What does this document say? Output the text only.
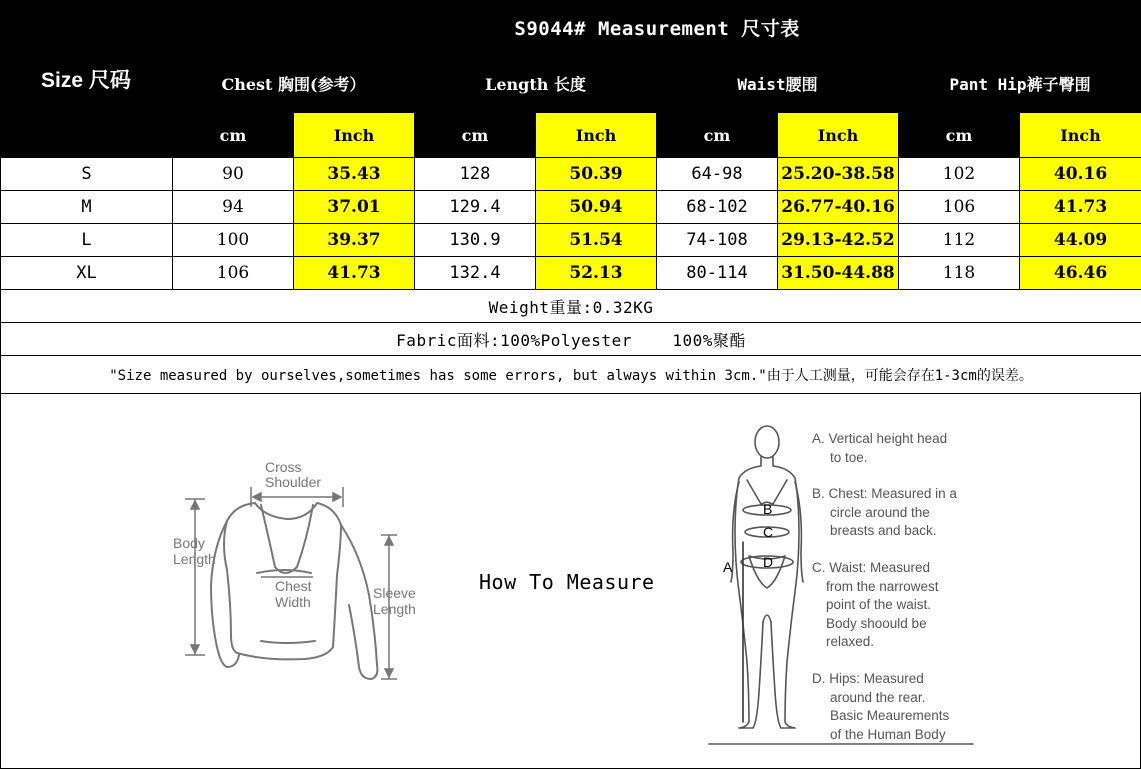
Size 尺码	S9044# Measurement 尺寸表							
	Chest 胸围(参考）		Length 长度		Waist腰围		Pant Hip裤子臀围	
	cm	Inch	cm	Inch	cm	Inch	cm	Inch
S	90	35.43	128	50.39	64-98	25.20-38.58	102	40.16
M	94	37.01	129.4	50.94	68-102	26.77-40.16	106	41.73
L	100	39.37	130.9	51.54	74-108	29.13-42.52	112	44.09
XL	106	41.73	132.4	52.13	80-114	31.50-44.88	118	46.46
Weight重量:0.32KG								
Fabric面料:100%Polyester    100%聚酯								
"Size measured by ourselves,sometimes has some errors, but always within 3cm."由于人工测量，可能会存在1-3cm的误差。								
Cross
Shoulder
Body
Length
Chest
Width
Sleeve
Length
How To Measure
B
C
D
A
A. Vertical height head
to toe.
B. Chest: Measured in a
circle around the
breasts and back.
C. Waist: Measured
from the narrowest
point of the waist.
Body shoould be
relaxed.
D. Hips: Measured
around the rear.
Basic Meaurements
of the Human Body
